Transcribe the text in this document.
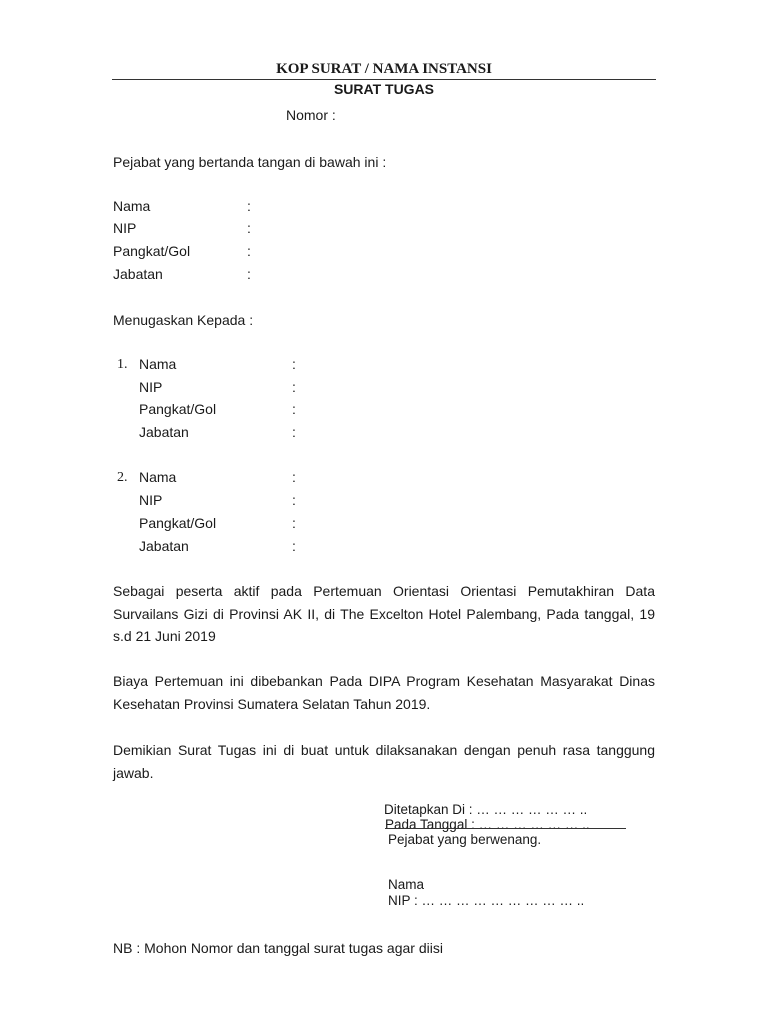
KOP SURAT / NAMA INSTANSI
SURAT TUGAS
Nomor :
Pejabat yang bertanda tangan di bawah ini :
Nama	:
NIP	:
Pangkat/Gol	:
Jabatan	:
Menugaskan Kepada :
1. Nama	:
NIP	:
Pangkat/Gol	:
Jabatan	:
2. Nama	:
NIP	:
Pangkat/Gol	:
Jabatan	:
Sebagai peserta aktif pada Pertemuan Orientasi Orientasi Pemutakhiran Data Survailans Gizi di Provinsi AK II, di The Excelton Hotel Palembang, Pada tanggal, 19 s.d 21 Juni 2019
Biaya Pertemuan ini dibebankan Pada DIPA Program Kesehatan Masyarakat Dinas Kesehatan Provinsi Sumatera Selatan Tahun 2019.
Demikian Surat Tugas ini di buat untuk dilaksanakan dengan penuh rasa tanggung jawab.
Ditetapkan Di : … … … … … … ..
Pada Tanggal : … … … … … … ..
Pejabat yang berwenang.
Nama
NIP : … … … … … … … … … ..
NB : Mohon Nomor dan tanggal surat tugas agar diisi
